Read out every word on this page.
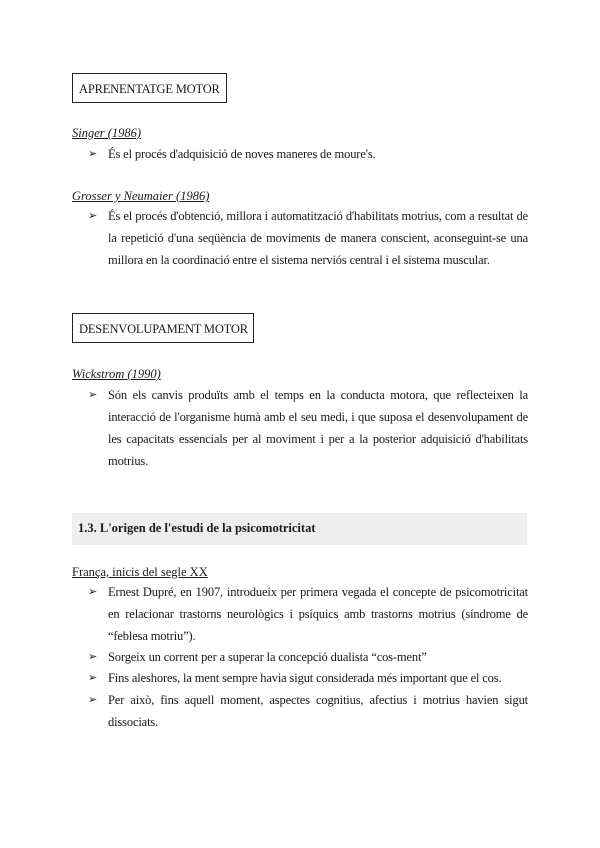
APRENENTATGE MOTOR
Singer (1986)
➢ És el procés d'adquisició de noves maneres de moure's.
Grosser y Neumaier (1986)
➢ És el procés d'obtenció, millora i automatització d'habilitats motrius, com a resultat de la repetició d'una seqüència de moviments de manera conscient, aconseguint-se una millora en la coordinació entre el sistema nerviós central i el sistema muscular.
DESENVOLUPAMENT MOTOR
Wickstrom (1990)
➢ Són els canvis produïts amb el temps en la conducta motora, que reflecteixen la interacció de l'organisme humà amb el seu medi, i que suposa el desenvolupament de les capacitats essencials per al moviment i per a la posterior adquisició d'habilitats motrius.
1.3. L'origen de l'estudi de la psicomotricitat
França, inicis del segle XX
➢ Ernest Dupré, en 1907, introdueix per primera vegada el concepte de psicomotricitat en relacionar trastorns neurològics i psíquics amb trastorns motrius (síndrome de “feblesa motriu”).
➢ Sorgeix un corrent per a superar la concepció dualista “cos-ment”
➢ Fins aleshores, la ment sempre havia sigut considerada més important que el cos.
➢ Per això, fins aquell moment, aspectes cognitius, afectius i motrius havien sigut dissociats.
